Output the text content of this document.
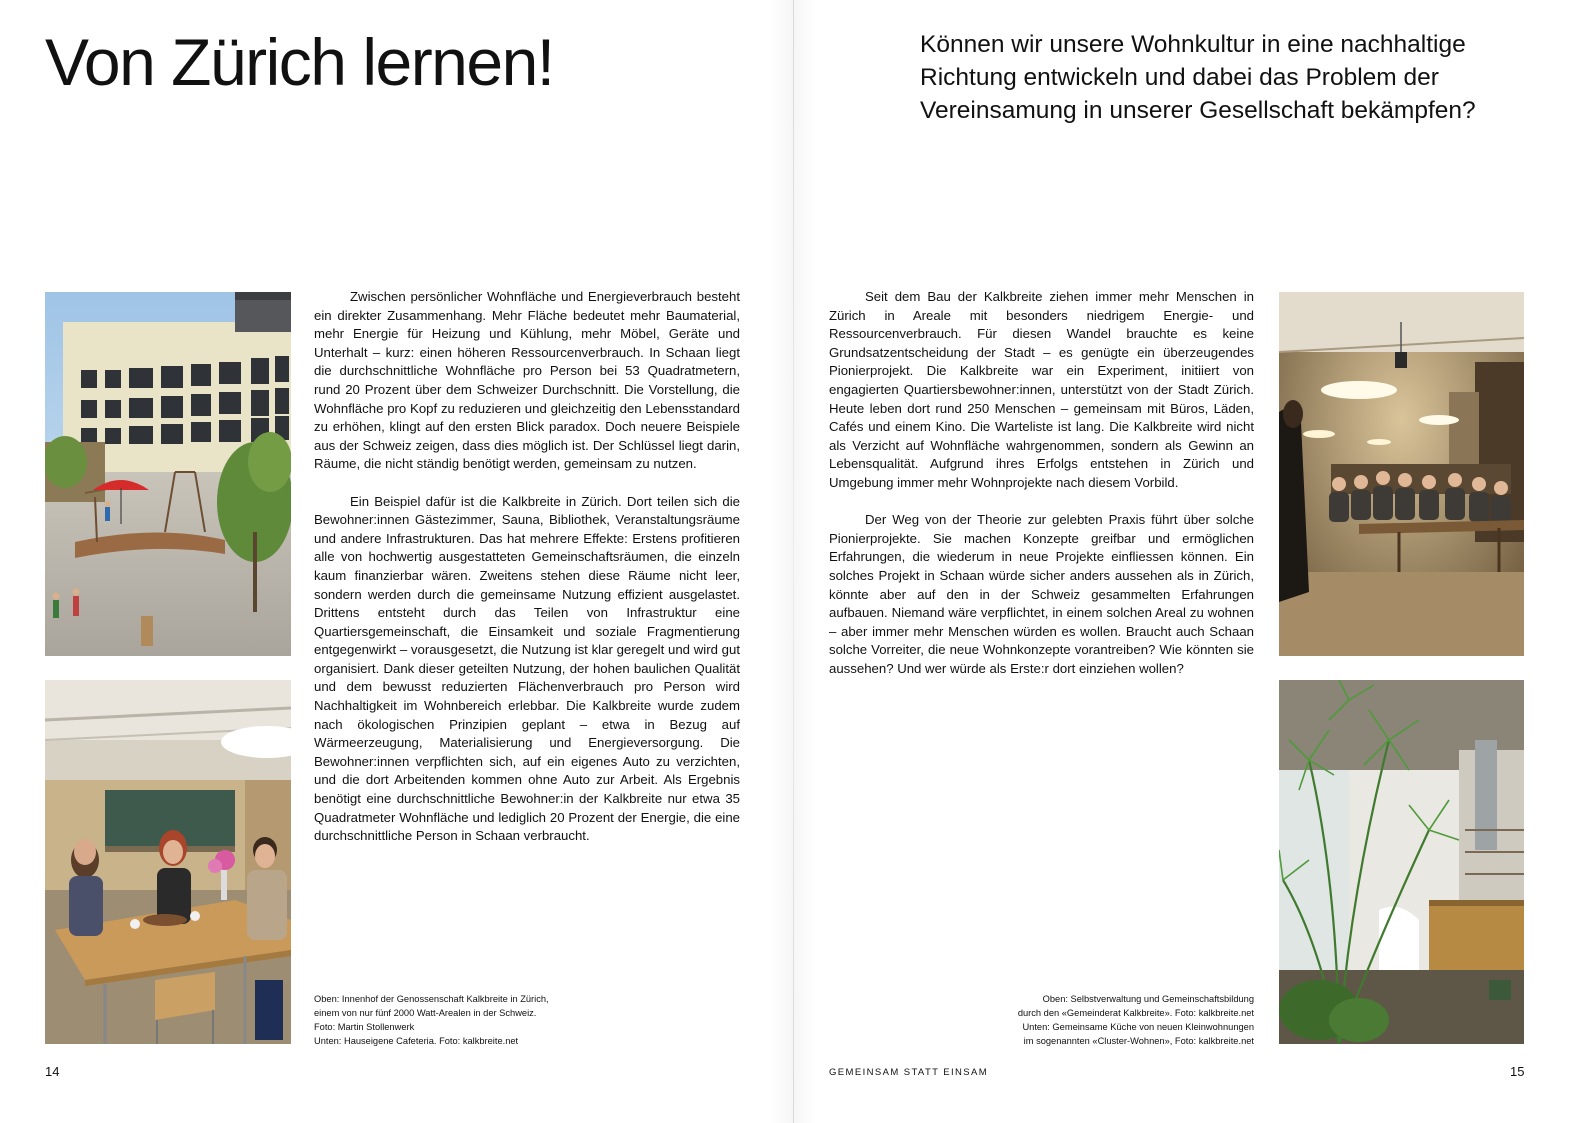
Von Zürich lernen!

Zwischen persönlicher Wohnfläche und Energieverbrauch besteht ein direkter Zusammenhang. Mehr Fläche bedeutet mehr Baumaterial, mehr Energie für Heizung und Kühlung, mehr Möbel, Geräte und Unterhalt – kurz: einen höheren Ressourcenverbrauch. In Schaan liegt die durchschnittliche Wohnfläche pro Person bei 53 Quadratmetern, rund 20 Prozent über dem Schweizer Durchschnitt. Die Vorstellung, die Wohnfläche pro Kopf zu reduzieren und gleichzeitig den Lebensstandard zu erhöhen, klingt auf den ersten Blick paradox. Doch neuere Beispiele aus der Schweiz zeigen, dass dies möglich ist. Der Schlüssel liegt darin, Räume, die nicht ständig benötigt werden, gemeinsam zu nutzen.

Ein Beispiel dafür ist die Kalkbreite in Zürich. Dort teilen sich die Bewohner:innen Gästezimmer, Sauna, Bibliothek, Veranstaltungsräume und andere Infrastrukturen. Das hat mehrere Effekte: Erstens profitieren alle von hochwertig ausgestatteten Gemeinschaftsräumen, die einzeln kaum finanzierbar wären. Zweitens stehen diese Räume nicht leer, sondern werden durch die gemeinsame Nutzung effizient ausgelastet. Drittens entsteht durch das Teilen von Infrastruktur eine Quartiersgemeinschaft, die Einsamkeit und soziale Fragmentierung entgegenwirkt – vorausgesetzt, die Nutzung ist klar geregelt und wird gut organisiert. Dank dieser geteilten Nutzung, der hohen baulichen Qualität und dem bewusst reduzierten Flächenverbrauch pro Person wird Nachhaltigkeit im Wohnbereich erlebbar. Die Kalkbreite wurde zudem nach ökologischen Prinzipien geplant – etwa in Bezug auf Wärmeerzeugung, Materialisierung und Energieversorgung. Die Bewohner:innen verpflichten sich, auf ein eigenes Auto zu verzichten, und die dort Arbeitenden kommen ohne Auto zur Arbeit. Als Ergebnis benötigt eine durchschnittliche Bewohner:in der Kalkbreite nur etwa 35 Quadratmeter Wohnfläche und lediglich 20 Prozent der Energie, die eine durchschnittliche Person in Schaan verbraucht.

Oben: Innenhof der Genossenschaft Kalkbreite in Zürich,
einem von nur fünf 2000 Watt-Arealen in der Schweiz.
Foto: Martin Stollenwerk
Unten: Hauseigene Cafeteria. Foto: kalkbreite.net
14
Können wir unsere Wohnkultur in eine nachhaltige Richtung entwickeln und dabei das Problem der Vereinsamung in unserer Gesellschaft bekämpfen?

Seit dem Bau der Kalkbreite ziehen immer mehr Menschen in Zürich in Areale mit besonders niedrigem Energie- und Ressourcenverbrauch. Für diesen Wandel brauchte es keine Grundsatzentscheidung der Stadt – es genügte ein überzeugendes Pionierprojekt. Die Kalkbreite war ein Experiment, initiiert von engagierten Quartiersbewohner:innen, unterstützt von der Stadt Zürich. Heute leben dort rund 250 Menschen – gemeinsam mit Büros, Läden, Cafés und einem Kino. Die Warteliste ist lang. Die Kalkbreite wird nicht als Verzicht auf Wohnfläche wahrgenommen, sondern als Gewinn an Lebensqualität. Aufgrund ihres Erfolgs entstehen in Zürich und Umgebung immer mehr Wohnprojekte nach diesem Vorbild.

Der Weg von der Theorie zur gelebten Praxis führt über solche Pionierprojekte. Sie machen Konzepte greifbar und ermöglichen Erfahrungen, die wiederum in neue Projekte einfliessen können. Ein solches Projekt in Schaan würde sicher anders aussehen als in Zürich, könnte aber auf den in der Schweiz gesammelten Erfahrungen aufbauen. Niemand wäre verpflichtet, in einem solchen Areal zu wohnen – aber immer mehr Menschen würden es wollen. Braucht auch Schaan solche Vorreiter, die neue Wohnkonzepte vorantreiben? Wie könnten sie aussehen? Und wer würde als Erste:r dort einziehen wollen?

Oben: Selbstverwaltung und Gemeinschaftsbildung
durch den «Gemeinderat Kalkbreite». Foto: kalkbreite.net
Unten: Gemeinsame Küche von neuen Kleinwohnungen
im sogenannten «Cluster-Wohnen», Foto: kalkbreite.net
GEMEINSAM STATT EINSAM	15
